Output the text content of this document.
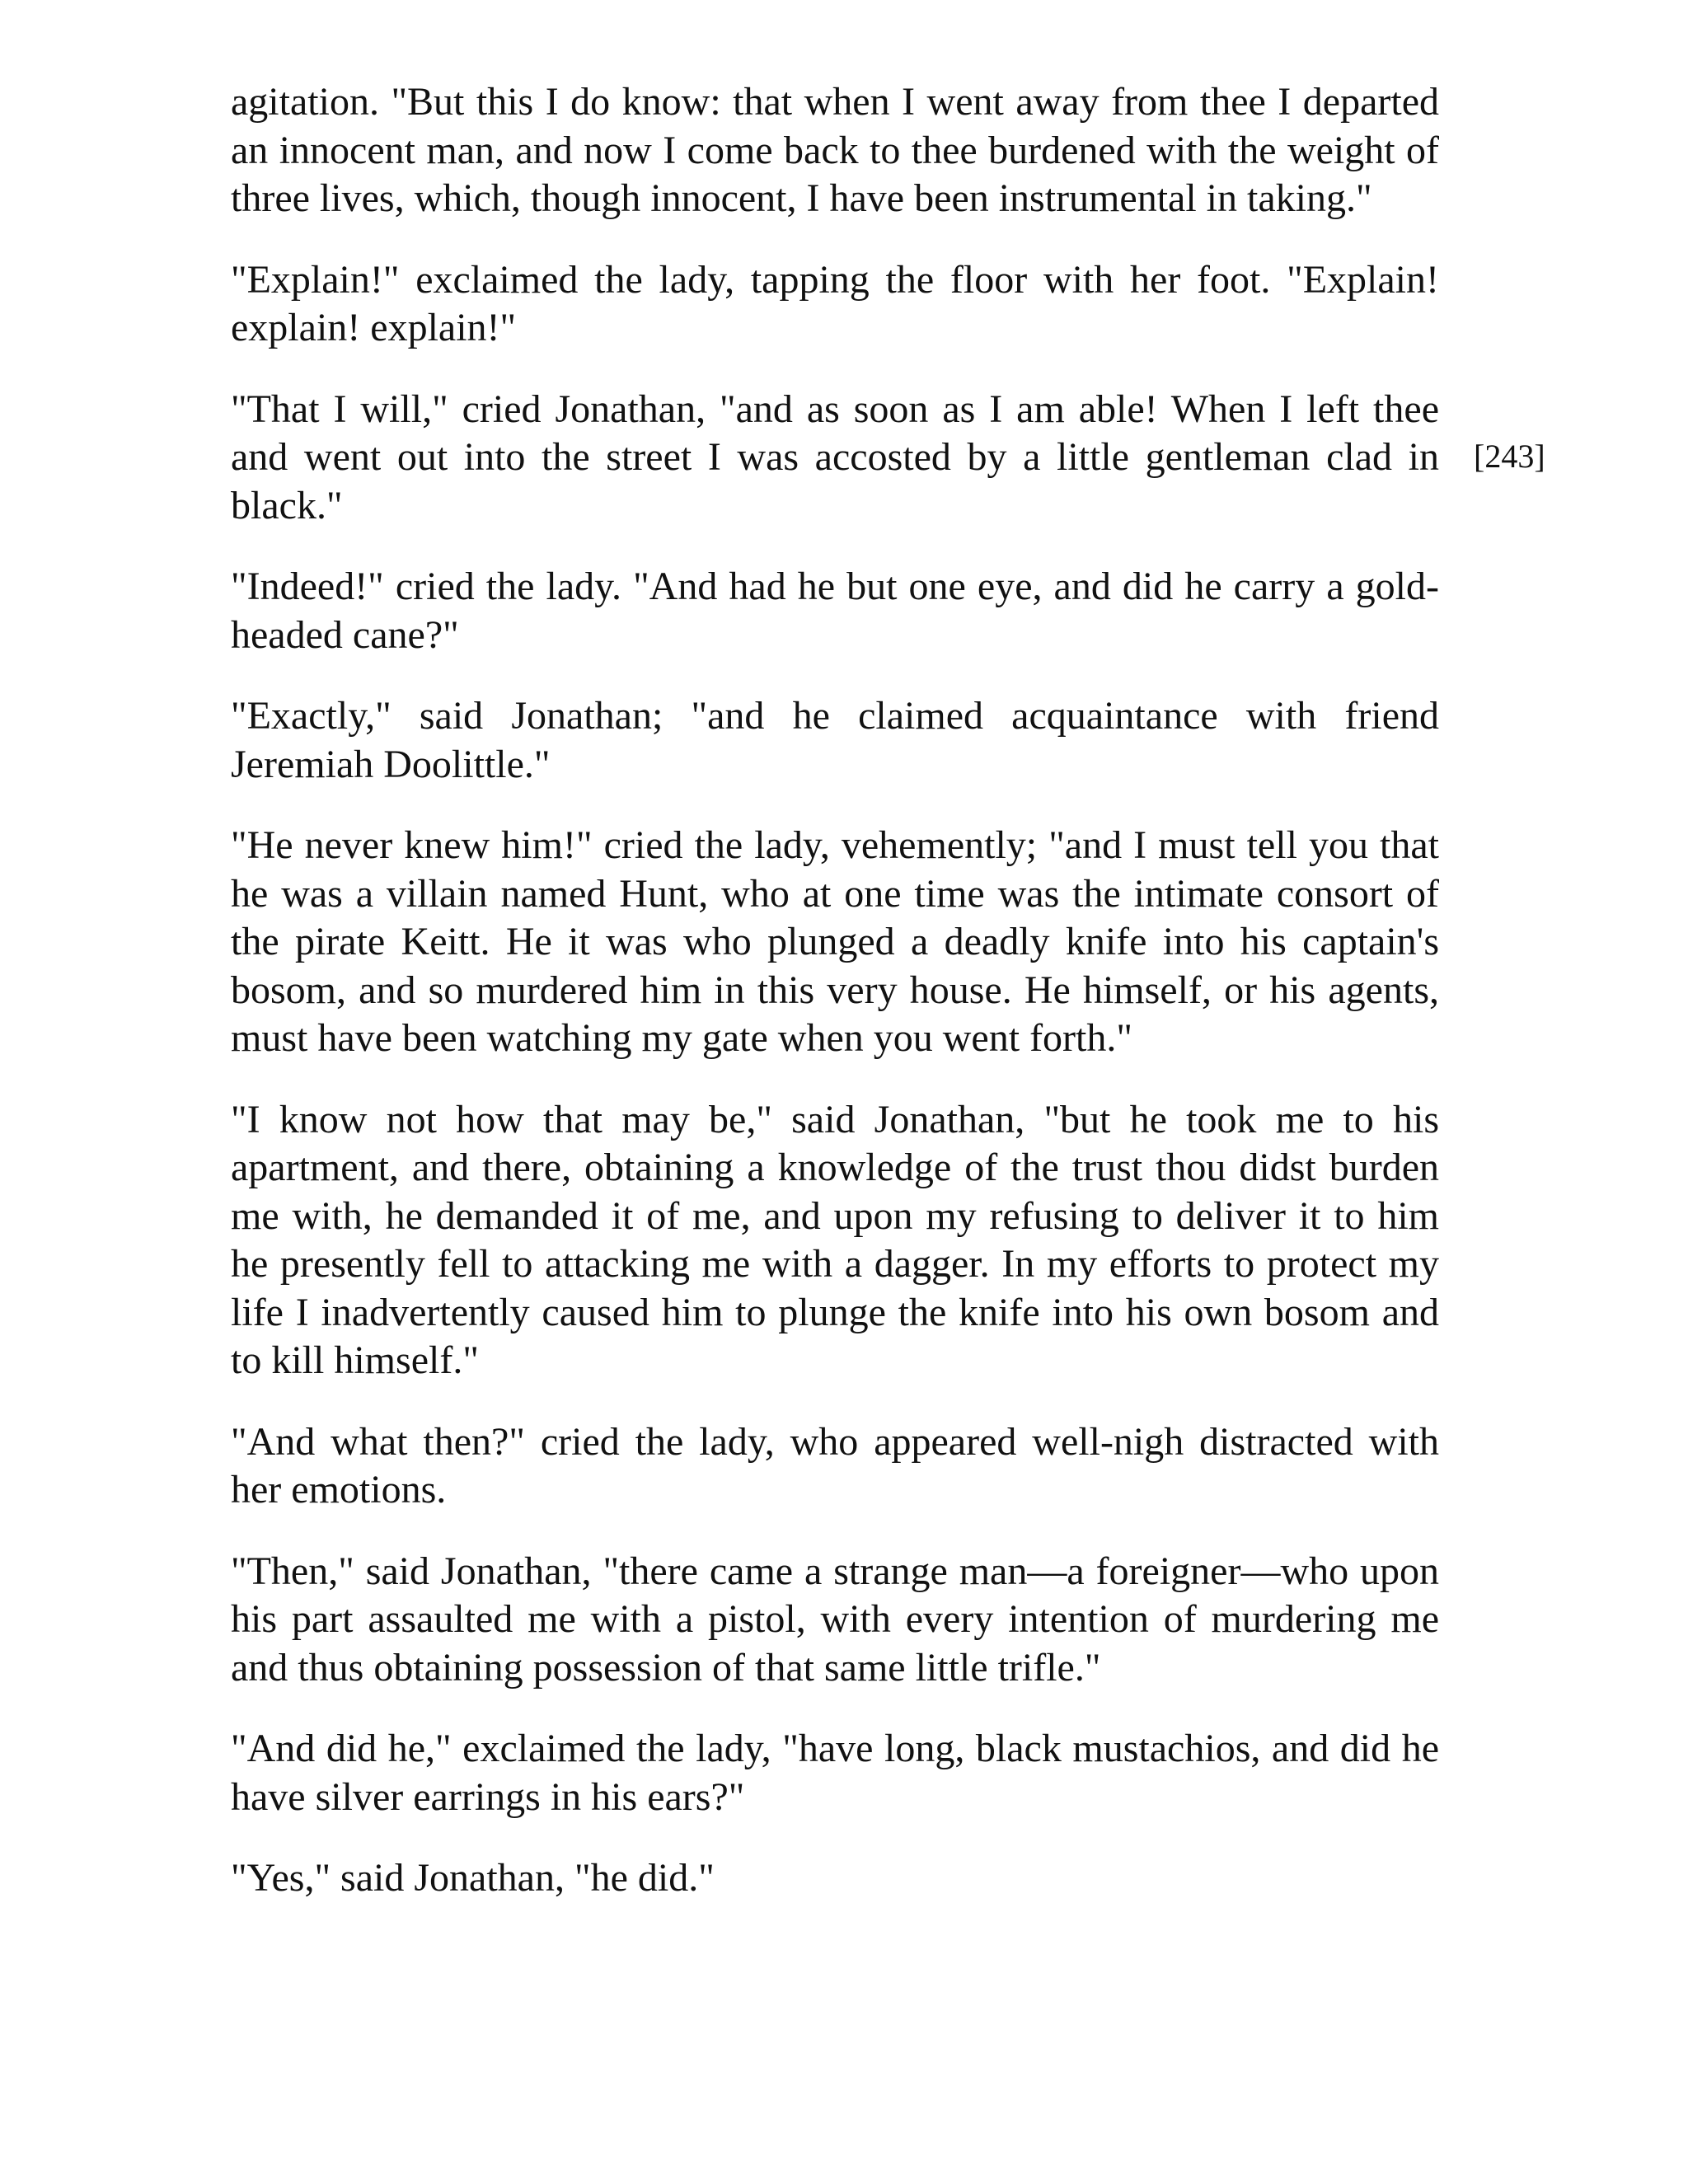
agitation. "But this I do know: that when I went away from thee I departed an innocent man, and now I come back to thee burdened with the weight of three lives, which, though innocent, I have been instrumental in taking."

"Explain!" exclaimed the lady, tapping the floor with her foot. "Explain! explain! explain!"

"That I will," cried Jonathan, "and as soon as I am able! When I left thee and went out into the street I was accosted by a little gentleman clad in black."

"Indeed!" cried the lady. "And had he but one eye, and did he carry a gold-headed cane?"

"Exactly," said Jonathan; "and he claimed acquaintance with friend Jeremiah Doolittle."

"He never knew him!" cried the lady, vehemently; "and I must tell you that he was a villain named Hunt, who at one time was the intimate consort of the pirate Keitt. He it was who plunged a deadly knife into his captain's bosom, and so murdered him in this very house. He himself, or his agents, must have been watching my gate when you went forth."

"I know not how that may be," said Jonathan, "but he took me to his apartment, and there, obtaining a knowledge of the trust thou didst burden me with, he demanded it of me, and upon my refusing to deliver it to him he presently fell to attacking me with a dagger. In my efforts to protect my life I inadvertently caused him to plunge the knife into his own bosom and to kill himself."

"And what then?" cried the lady, who appeared well-nigh distracted with her emotions.

"Then," said Jonathan, "there came a strange man—a foreigner—who upon his part assaulted me with a pistol, with every intention of murdering me and thus obtaining possession of that same little trifle."

"And did he," exclaimed the lady, "have long, black mustachios, and did he have silver earrings in his ears?"

"Yes," said Jonathan, "he did."

[243]
